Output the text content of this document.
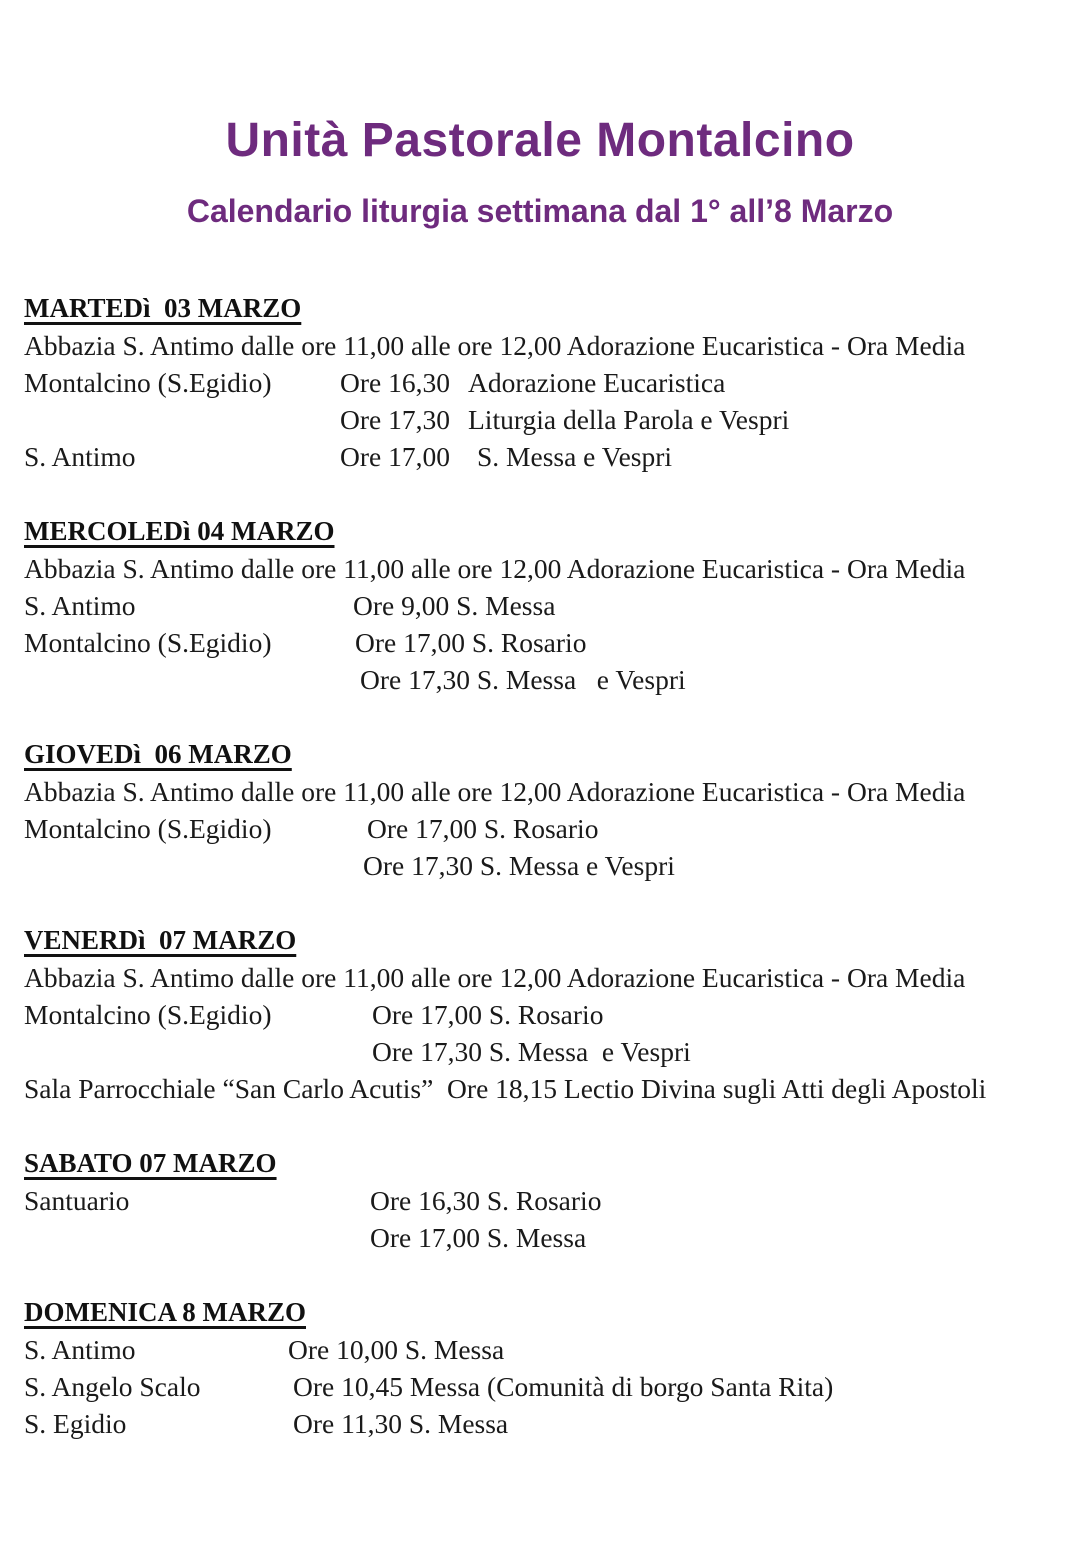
Unità Pastorale Montalcino
Calendario liturgia settimana dal 1° all’8 Marzo
MARTEDì  03 MARZO
Abbazia S. Antimo dalle ore 11,00 alle ore 12,00 Adorazione Eucaristica - Ora Media
Montalcino (S.Egidio) Ore 16,30 Adorazione Eucaristica
Ore 17,30 Liturgia della Parola e Vespri
S. Antimo	Ore 17,00 S. Messa e Vespri
MERCOLEDì 04 MARZO
Abbazia S. Antimo dalle ore 11,00 alle ore 12,00 Adorazione Eucaristica - Ora Media
S. Antimo	Ore 9,00 S. Messa
Montalcino (S.Egidio)	Ore 17,00 S. Rosario
Ore 17,30 S. Messa   e Vespri
GIOVEDì  06 MARZO
Abbazia S. Antimo dalle ore 11,00 alle ore 12,00 Adorazione Eucaristica - Ora Media
Montalcino (S.Egidio)	Ore 17,00 S. Rosario
Ore 17,30 S. Messa e Vespri
VENERDì  07 MARZO
Abbazia S. Antimo dalle ore 11,00 alle ore 12,00 Adorazione Eucaristica - Ora Media
Montalcino (S.Egidio)	Ore 17,00 S. Rosario
Ore 17,30 S. Messa  e Vespri
Sala Parrocchiale “San Carlo Acutis”  Ore 18,15 Lectio Divina sugli Atti degli Apostoli
SABATO 07 MARZO
Santuario	Ore 16,30 S. Rosario
Ore 17,00 S. Messa
DOMENICA 8 MARZO
S. Antimo	Ore 10,00 S. Messa
S. Angelo Scalo	Ore 10,45 Messa (Comunità di borgo Santa Rita)
S. Egidio	Ore 11,30 S. Messa
